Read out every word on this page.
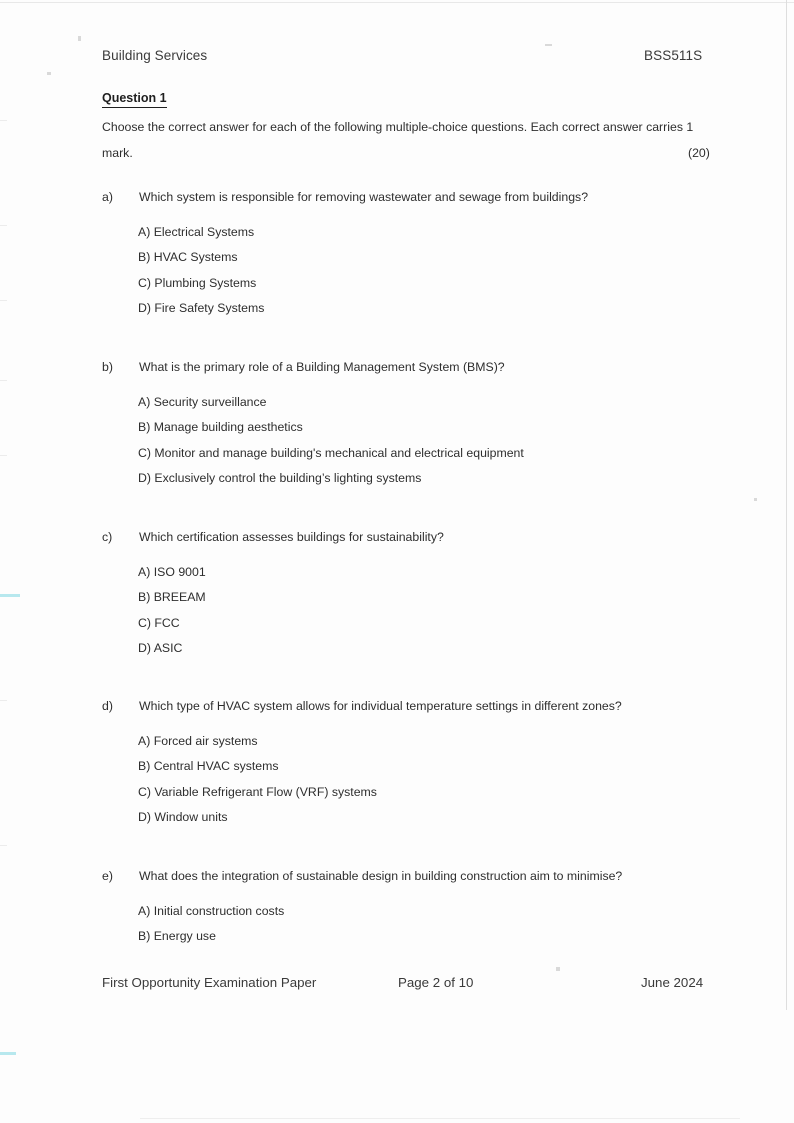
Building Services	BSS511S
Question 1
Choose the correct answer for each of the following multiple-choice questions. Each correct answer carries 1
mark.	(20)
a) Which system is responsible for removing wastewater and sewage from buildings?
A) Electrical Systems
B) HVAC Systems
C) Plumbing Systems
D) Fire Safety Systems
b) What is the primary role of a Building Management System (BMS)?
A) Security surveillance
B) Manage building aesthetics
C) Monitor and manage building's mechanical and electrical equipment
D) Exclusively control the building’s lighting systems
c) Which certification assesses buildings for sustainability?
A) ISO 9001
B) BREEAM
C) FCC
D) ASIC
d) Which type of HVAC system allows for individual temperature settings in different zones?
A) Forced air systems
B) Central HVAC systems
C) Variable Refrigerant Flow (VRF) systems
D) Window units
e) What does the integration of sustainable design in building construction aim to minimise?
A) Initial construction costs
B) Energy use
First Opportunity Examination Paper	Page 2 of 10	June 2024
